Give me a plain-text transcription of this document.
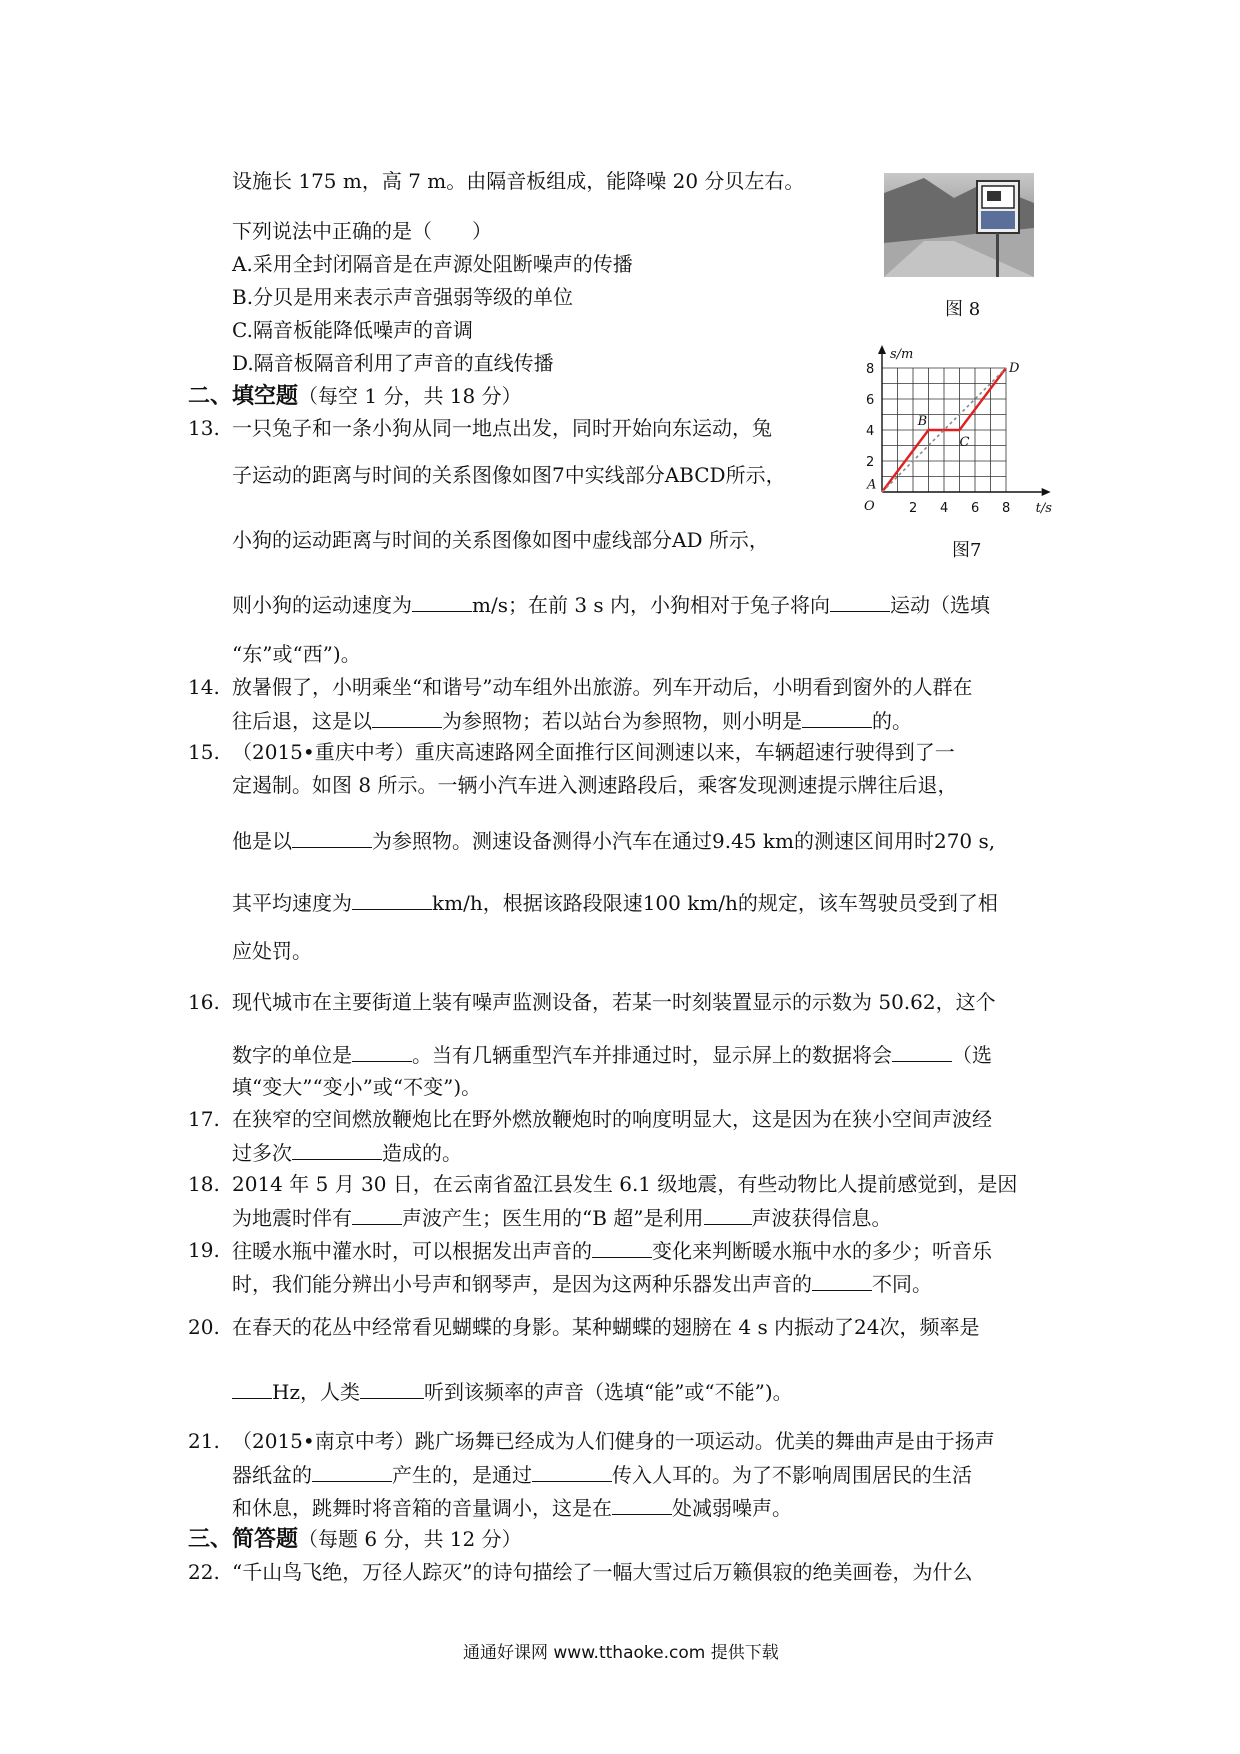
设施长 175 m，高 7 m。由隔音板组成，能降噪 20 分贝左右。
下列说法中正确的是（　　）
A.采用全封闭隔音是在声源处阻断噪声的传播
B.分贝是用来表示声音强弱等级的单位
C.隔音板能降低噪声的音调
D.隔音板隔音利用了声音的直线传播
图 8
2
4
6
8
2 4 6 8
O	t/s
s/m
A
B
C
D
图7
二、填空题（每空 1 分，共 18 分）
13. 一只兔子和一条小狗从同一地点出发，同时开始向东运动，兔
子运动的距离与时间的关系图像如图7中实线部分ABCD所示，
小狗的运动距离与时间的关系图像如图中虚线部分AD 所示，
则小狗的运动速度为	m/s；在前 3 s 内，小狗相对于兔子将向	运动（选填
“东”或“西”)。
14. 放暑假了，小明乘坐“和谐号”动车组外出旅游。列车开动后，小明看到窗外的人群在
往后退，这是以	为参照物；若以站台为参照物，则小明是	的。
15. （2015•重庆中考）重庆高速路网全面推行区间测速以来，车辆超速行驶得到了一
定遏制。如图 8 所示。一辆小汽车进入测速路段后，乘客发现测速提示牌往后退，
他是以	为参照物。测速设备测得小汽车在通过9.45 km的测速区间用时270 s,
其平均速度为	km/h，根据该路段限速100 km/h的规定，该车驾驶员受到了相
应处罚。
16. 现代城市在主要街道上装有噪声监测设备，若某一时刻装置显示的示数为 50.62，这个
数字的单位是	。当有几辆重型汽车并排通过时，显示屏上的数据将会	（选
填“变大”“变小”或“不变”)。
17. 在狭窄的空间燃放鞭炮比在野外燃放鞭炮时的响度明显大，这是因为在狭小空间声波经
过多次	造成的。
18. 2014 年 5 月 30 日，在云南省盈江县发生 6.1 级地震，有些动物比人提前感觉到，是因
为地震时伴有	声波产生；医生用的“B 超”是利用 声波获得信息。
19. 往暖水瓶中灌水时，可以根据发出声音的	变化来判断暖水瓶中水的多少；听音乐
时，我们能分辨出小号声和钢琴声，是因为这两种乐器发出声音的	不同。
20. 在春天的花丛中经常看见蝴蝶的身影。某种蝴蝶的翅膀在 4 s 内振动了24次，频率是
Hz，人类	听到该频率的声音（选填“能”或“不能”)。
21. （2015•南京中考）跳广场舞已经成为人们健身的一项运动。优美的舞曲声是由于扬声
器纸盆的	产生的，是通过	传入人耳的。为了不影响周围居民的生活
和休息，跳舞时将音箱的音量调小，这是在	处减弱噪声。
三、简答题（每题 6 分，共 12 分）
22. “千山鸟飞绝，万径人踪灭”的诗句描绘了一幅大雪过后万籁俱寂的绝美画卷，为什么
通通好课网 www.tthaoke.com 提供下载
